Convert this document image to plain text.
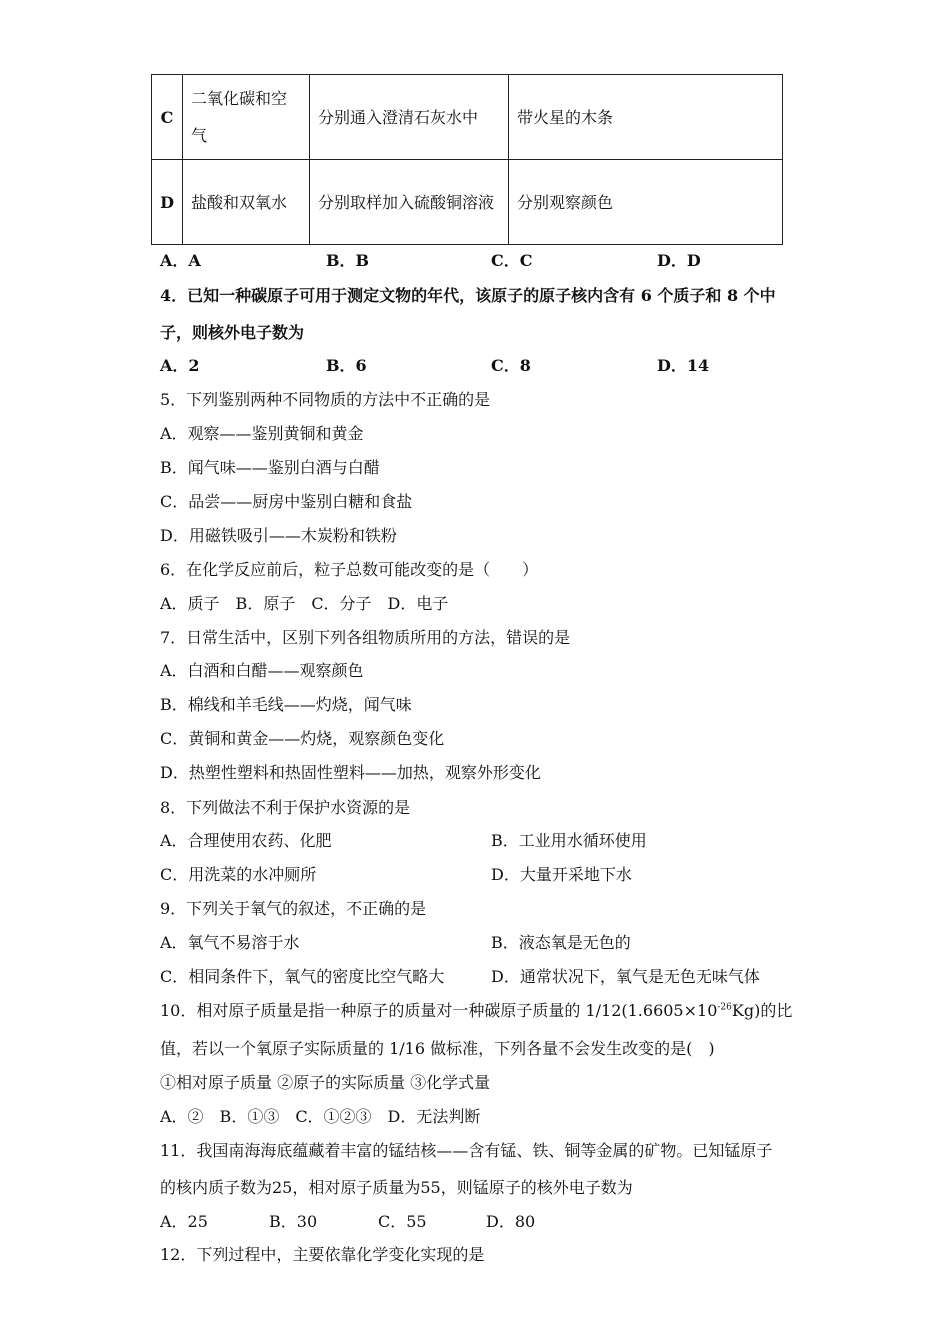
C	二氧化碳和空气	分别通入澄清石灰水中	带火星的木条
D	盐酸和双氧水	分别取样加入硫酸铜溶液	分别观察颜色
A．A	B．B	C．C	D．D
4．已知一种碳原子可用于测定文物的年代，该原子的原子核内含有 6 个质子和 8 个中
子，则核外电子数为
A．2	B．6	C．8	D．14
5．下列鉴别两种不同物质的方法中不正确的是
A．观察——鉴别黄铜和黄金
B．闻气味——鉴别白酒与白醋
C．品尝——厨房中鉴别白糖和食盐
D．用磁铁吸引——木炭粉和铁粉
6．在化学反应前后，粒子总数可能改变的是（　　）
A．质子　B．原子　C．分子　D．电子
7．日常生活中，区别下列各组物质所用的方法，错误的是
A．白酒和白醋——观察颜色
B．棉线和羊毛线——灼烧，闻气味
C．黄铜和黄金——灼烧，观察颜色变化
D．热塑性塑料和热固性塑料——加热，观察外形变化
8．下列做法不利于保护水资源的是
A．合理使用农药、化肥	B．工业用水循环使用
C．用洗菜的水冲厕所	D．大量开采地下水
9．下列关于氧气的叙述，不正确的是
A．氧气不易溶于水	B．液态氧是无色的
C．相同条件下，氧气的密度比空气略大	D．通常状况下，氧气是无色无味气体
10．相对原子质量是指一种原子的质量对一种碳原子质量的 $1/12(1.6605\times 10^{-26}Kg)$的比
值，若以一个氧原子实际质量的 1/16 做标准，下列各量不会发生改变的是(　)
①相对原子质量 ②原子的实际质量 ③化学式量
A．②　B．①③　C．①②③　D．无法判断
11．我国南海海底蕴藏着丰富的锰结核——含有锰、铁、铜等金属的矿物。已知锰原子
的核内质子数为25，相对原子质量为55，则锰原子的核外电子数为
A．25	B．30	C．55	D．80
12．下列过程中，主要依靠化学变化实现的是
